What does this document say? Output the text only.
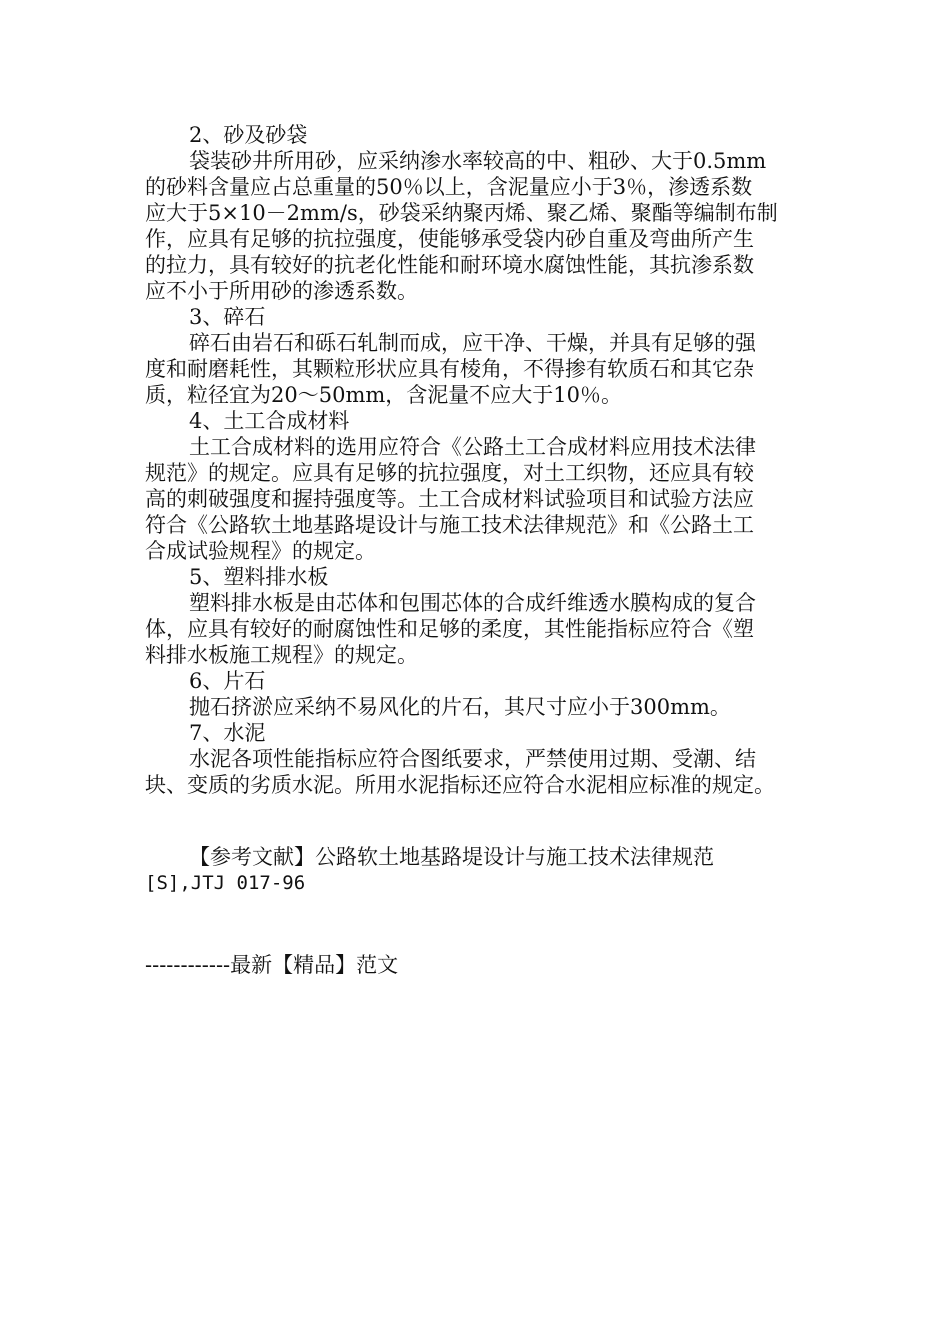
2、砂及砂袋
袋装砂井所用砂，应采纳渗水率较高的中、粗砂、大于0.5mm
的砂料含量应占总重量的50％以上，含泥量应小于3％，渗透系数
应大于5×10－2mm/s，砂袋采纳聚丙烯、聚乙烯、聚酯等编制布制
作，应具有足够的抗拉强度，使能够承受袋内砂自重及弯曲所产生
的拉力，具有较好的抗老化性能和耐环境水腐蚀性能，其抗渗系数
应不小于所用砂的渗透系数。
3、碎石
碎石由岩石和砾石轧制而成，应干净、干燥，并具有足够的强
度和耐磨耗性，其颗粒形状应具有棱角，不得掺有软质石和其它杂
质，粒径宜为20～50mm，含泥量不应大于10％。
4、土工合成材料
土工合成材料的选用应符合《公路土工合成材料应用技术法律
规范》的规定。应具有足够的抗拉强度，对土工织物，还应具有较
高的刺破强度和握持强度等。土工合成材料试验项目和试验方法应
符合《公路软土地基路堤设计与施工技术法律规范》和《公路土工
合成试验规程》的规定。
5、塑料排水板
塑料排水板是由芯体和包围芯体的合成纤维透水膜构成的复合
体，应具有较好的耐腐蚀性和足够的柔度，其性能指标应符合《塑
料排水板施工规程》的规定。
6、片石
抛石挤淤应采纳不易风化的片石，其尺寸应小于300mm。
7、水泥
水泥各项性能指标应符合图纸要求，严禁使用过期、受潮、结
块、变质的劣质水泥。所用水泥指标还应符合水泥相应标准的规定。
【参考文献】公路软土地基路堤设计与施工技术法律规范
[S],JTJ 017-96
------------最新【精品】范文
